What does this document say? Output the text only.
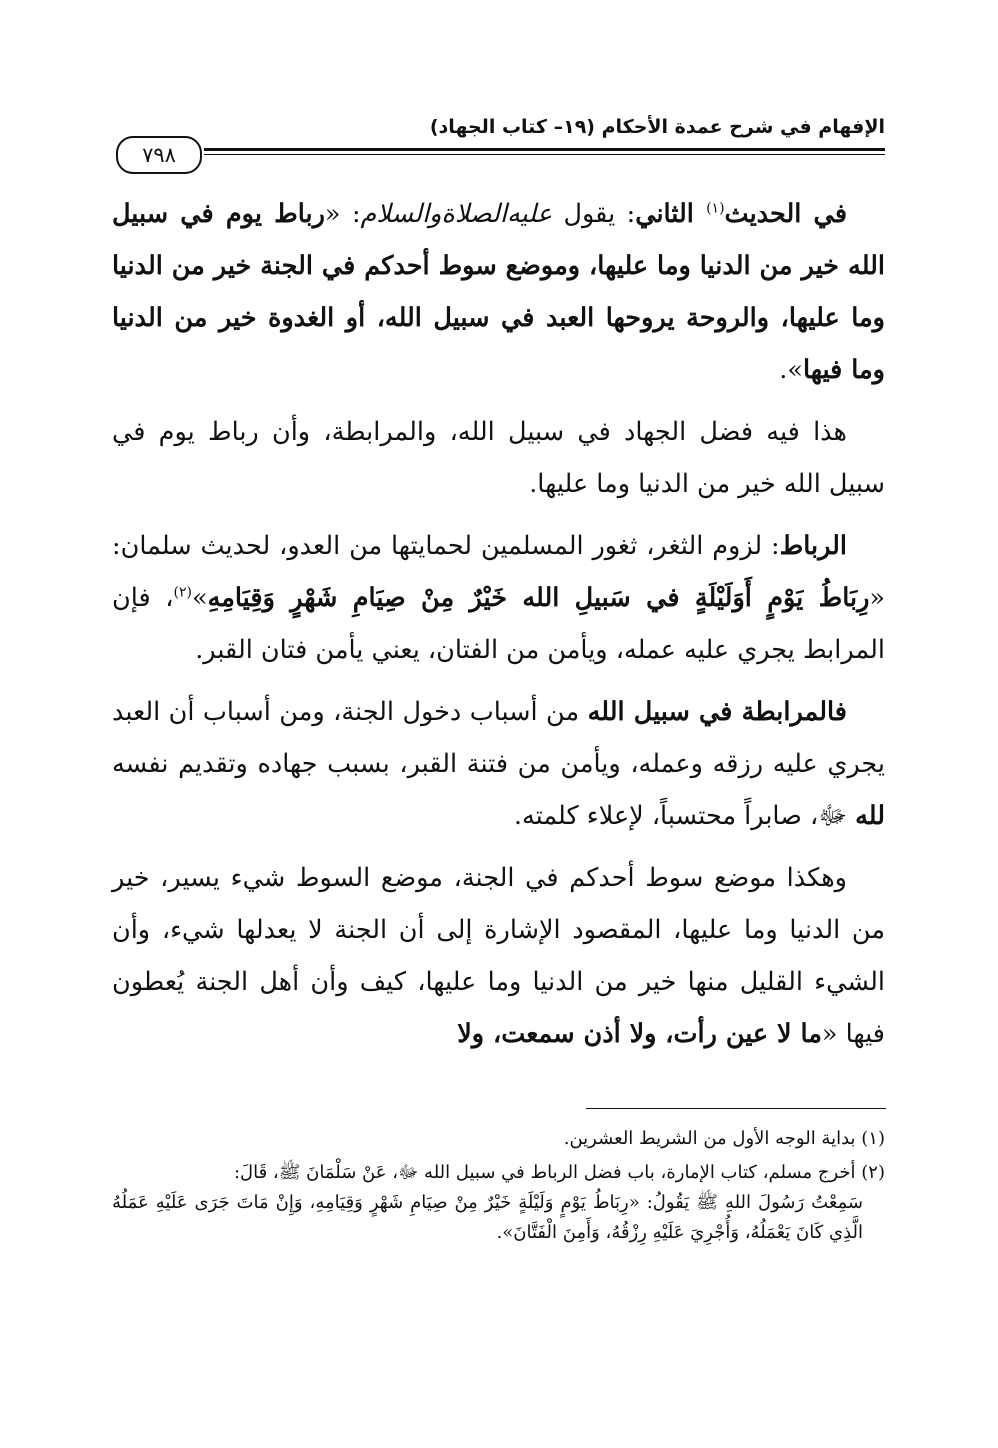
الإفهام في شرح عمدة الأحكام (١٩– كتاب الجهاد)
٧٩٨

في الحديث$^{(١)}$ الثاني: يقول عليه‌الصلاة‌والسلام: «رباط يوم في سبيل الله خير من الدنيا وما عليها، وموضع سوط أحدكم في الجنة خير من الدنيا وما عليها، والروحة يروحها العبد في سبيل الله، أو الغدوة خير من الدنيا وما فيها».

هذا فيه فضل الجهاد في سبيل الله، والمرابطة، وأن رباط يوم في سبيل الله خير من الدنيا وما عليها.

الرباط: لزوم الثغر، ثغور المسلمين لحمايتها من العدو، لحديث سلمان: «رِبَاطُ يَوْمٍ أَوَلَيْلَةٍ في سَبيلِ الله خَيْرٌ مِنْ صِيَامِ شَهْرٍ وَقِيَامِهِ»$^{(٢)}$، فإن المرابط يجري عليه عمله، ويأمن من الفتان، يعني يأمن فتان القبر.

فالمرابطة في سبيل الله من أسباب دخول الجنة، ومن أسباب أن العبد يجري عليه رزقه وعمله، ويأمن من فتنة القبر، بسبب جهاده وتقديم نفسه لله ﷻ، صابراً محتسباً، لإعلاء كلمته.

وهكذا موضع سوط أحدكم في الجنة، موضع السوط شيء يسير، خير من الدنيا وما عليها، المقصود الإشارة إلى أن الجنة لا يعدلها شيء، وأن الشيء القليل منها خير من الدنيا وما عليها، كيف وأن أهل الجنة يُعطون فيها «ما لا عين رأت، ولا أذن سمعت، ولا

(١) بداية الوجه الأول من الشريط العشرين.

(٢) أخرج مسلم، كتاب الإمارة، باب فضل الرباط في سبيل الله ﷻ، عَنْ سَلْمَانَ ﷺ، قَالَ:
سَمِعْتُ رَسُولَ اللهِ ﷺ يَقُولُ: «رِبَاطُ يَوْمٍ وَلَيْلَةٍ خَيْرٌ مِنْ صِيَامِ شَهْرٍ وَقِيَامِهِ، وَإِنْ مَاتَ جَرَى عَلَيْهِ عَمَلُهُ الَّذِي كَانَ يَعْمَلُهُ، وَأُجْرِيَ عَلَيْهِ رِزْقُهُ، وَأَمِنَ الْفَتَّانَ».
